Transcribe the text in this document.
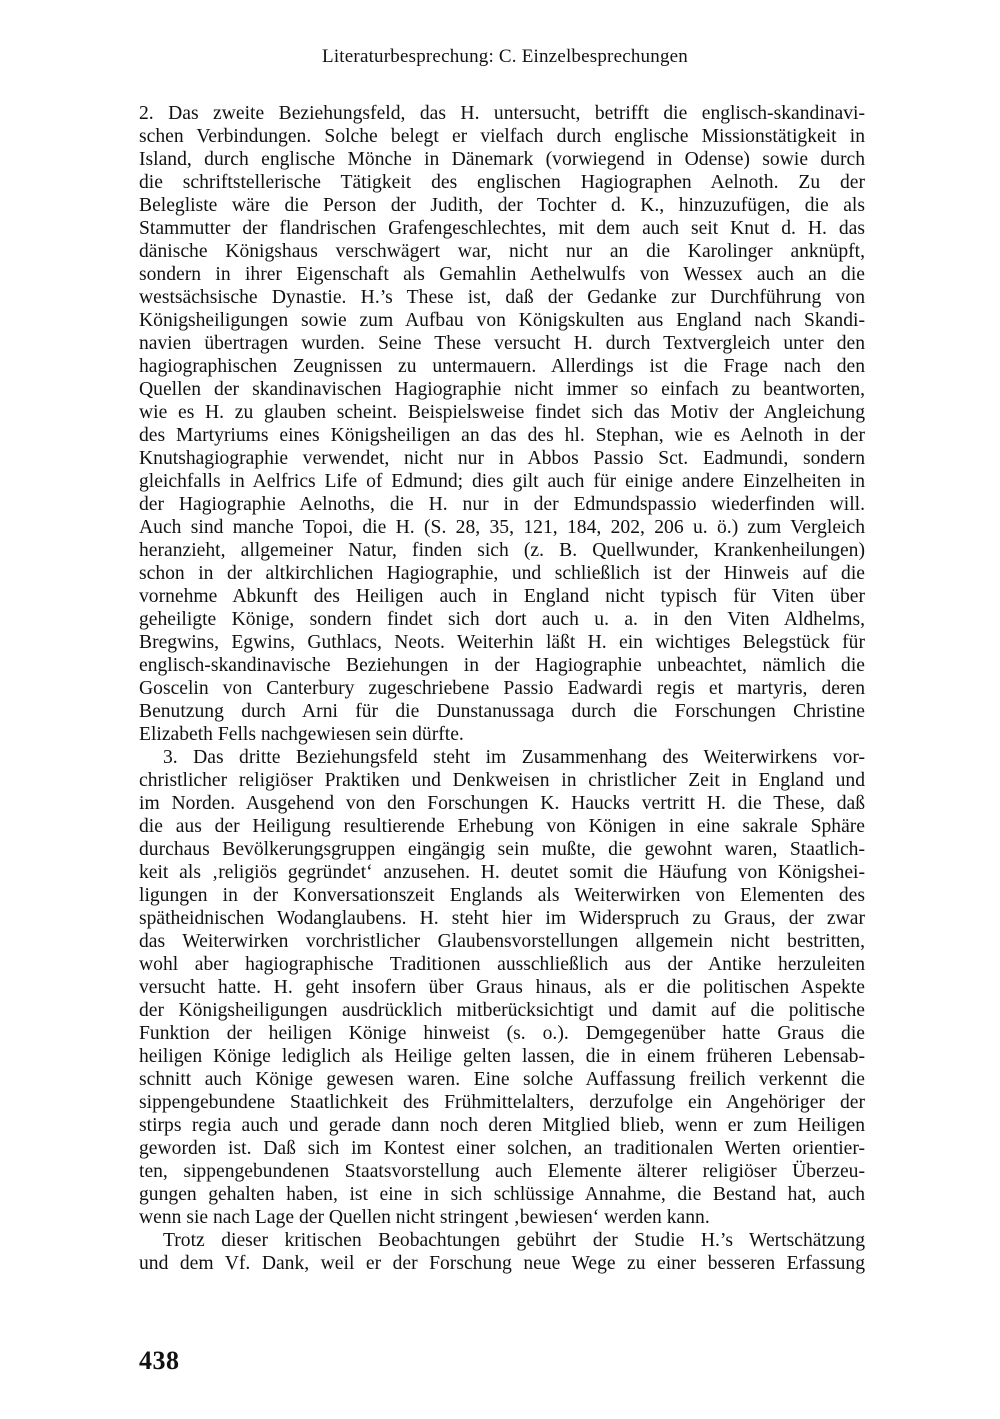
Literaturbesprechung: C. Einzelbesprechungen
2. Das zweite Beziehungsfeld, das H. untersucht, betrifft die englisch-skandinavi-
schen Verbindungen. Solche belegt er vielfach durch englische Missionstätigkeit in
Island, durch englische Mönche in Dänemark (vorwiegend in Odense) sowie durch
die schriftstellerische Tätigkeit des englischen Hagiographen Aelnoth. Zu der
Belegliste wäre die Person der Judith, der Tochter d. K., hinzuzufügen, die als
Stammutter der flandrischen Grafengeschlechtes, mit dem auch seit Knut d. H. das
dänische Königshaus verschwägert war, nicht nur an die Karolinger anknüpft,
sondern in ihrer Eigenschaft als Gemahlin Aethelwulfs von Wessex auch an die
westsächsische Dynastie. H.’s These ist, daß der Gedanke zur Durchführung von
Königsheiligungen sowie zum Aufbau von Königskulten aus England nach Skandi-
navien übertragen wurden. Seine These versucht H. durch Textvergleich unter den
hagiographischen Zeugnissen zu untermauern. Allerdings ist die Frage nach den
Quellen der skandinavischen Hagiographie nicht immer so einfach zu beantworten,
wie es H. zu glauben scheint. Beispielsweise findet sich das Motiv der Angleichung
des Martyriums eines Königsheiligen an das des hl. Stephan, wie es Aelnoth in der
Knutshagiographie verwendet, nicht nur in Abbos Passio Sct. Eadmundi, sondern
gleichfalls in Aelfrics Life of Edmund; dies gilt auch für einige andere Einzelheiten in
der Hagiographie Aelnoths, die H. nur in der Edmundspassio wiederfinden will.
Auch sind manche Topoi, die H. (S. 28, 35, 121, 184, 202, 206 u. ö.) zum Vergleich
heranzieht, allgemeiner Natur, finden sich (z. B. Quellwunder, Krankenheilungen)
schon in der altkirchlichen Hagiographie, und schließlich ist der Hinweis auf die
vornehme Abkunft des Heiligen auch in England nicht typisch für Viten über
geheiligte Könige, sondern findet sich dort auch u. a. in den Viten Aldhelms,
Bregwins, Egwins, Guthlacs, Neots. Weiterhin läßt H. ein wichtiges Belegstück für
englisch-skandinavische Beziehungen in der Hagiographie unbeachtet, nämlich die
Goscelin von Canterbury zugeschriebene Passio Eadwardi regis et martyris, deren
Benutzung durch Arni für die Dunstanussaga durch die Forschungen Christine
Elizabeth Fells nachgewiesen sein dürfte.
3. Das dritte Beziehungsfeld steht im Zusammenhang des Weiterwirkens vor-
christlicher religiöser Praktiken und Denkweisen in christlicher Zeit in England und
im Norden. Ausgehend von den Forschungen K. Haucks vertritt H. die These, daß
die aus der Heiligung resultierende Erhebung von Königen in eine sakrale Sphäre
durchaus Bevölkerungsgruppen eingängig sein mußte, die gewohnt waren, Staatlich-
keit als ‚religiös gegründet‘ anzusehen. H. deutet somit die Häufung von Königshei-
ligungen in der Konversationszeit Englands als Weiterwirken von Elementen des
spätheidnischen Wodanglaubens. H. steht hier im Widerspruch zu Graus, der zwar
das Weiterwirken vorchristlicher Glaubensvorstellungen allgemein nicht bestritten,
wohl aber hagiographische Traditionen ausschließlich aus der Antike herzuleiten
versucht hatte. H. geht insofern über Graus hinaus, als er die politischen Aspekte
der Königsheiligungen ausdrücklich mitberücksichtigt und damit auf die politische
Funktion der heiligen Könige hinweist (s. o.). Demgegenüber hatte Graus die
heiligen Könige lediglich als Heilige gelten lassen, die in einem früheren Lebensab-
schnitt auch Könige gewesen waren. Eine solche Auffassung freilich verkennt die
sippengebundene Staatlichkeit des Frühmittelalters, derzufolge ein Angehöriger der
stirps regia auch und gerade dann noch deren Mitglied blieb, wenn er zum Heiligen
geworden ist. Daß sich im Kontest einer solchen, an traditionalen Werten orientier-
ten, sippengebundenen Staatsvorstellung auch Elemente älterer religiöser Überzeu-
gungen gehalten haben, ist eine in sich schlüssige Annahme, die Bestand hat, auch
wenn sie nach Lage der Quellen nicht stringent ‚bewiesen‘ werden kann.
Trotz dieser kritischen Beobachtungen gebührt der Studie H.’s Wertschätzung
und dem Vf. Dank, weil er der Forschung neue Wege zu einer besseren Erfassung
438
